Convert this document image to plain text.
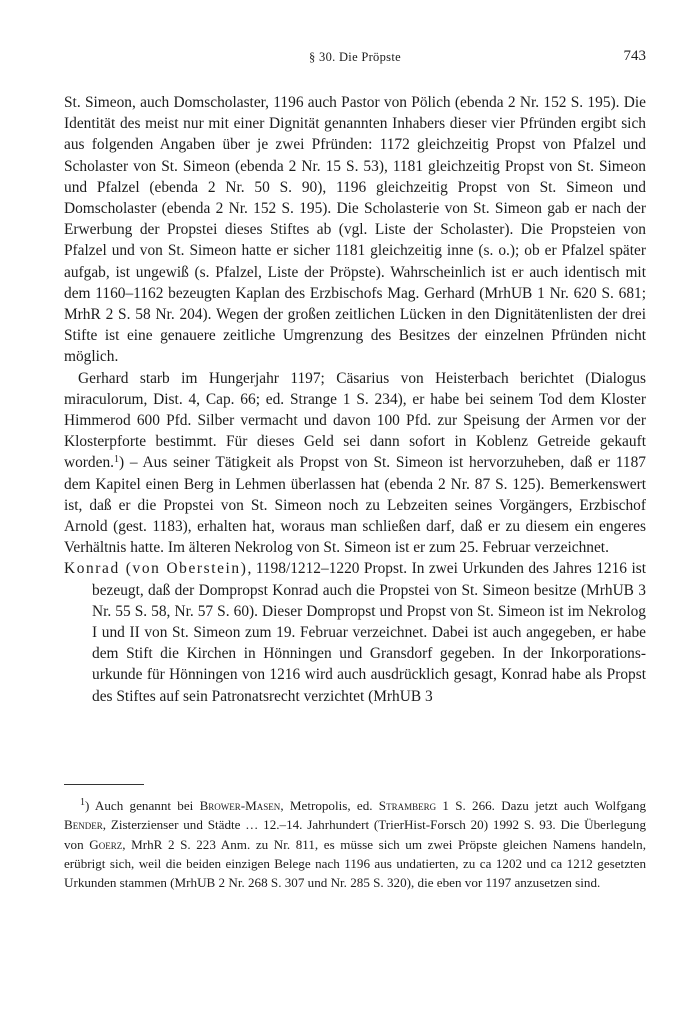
§ 30. Die Pröpste	743

St. Simeon, auch Domscholaster, 1196 auch Pastor von Pölich (ebenda 2 Nr. 152 S. 195). Die Identität des meist nur mit einer Dignität genannten Inhabers dieser vier Pfründen ergibt sich aus folgenden Angaben über je zwei Pfründen: 1172 gleichzeitig Propst von Pfalzel und Scholaster von St. Simeon (ebenda 2 Nr. 15 S. 53), 1181 gleichzeitig Propst von St. Simeon und Pfalzel (ebenda 2 Nr. 50 S. 90), 1196 gleichzeitig Propst von St. Simeon und Domscholaster (ebenda 2 Nr. 152 S. 195). Die Scholasterie von St. Simeon gab er nach der Erwerbung der Propstei dieses Stiftes ab (vgl. Liste der Scholaster). Die Propsteien von Pfalzel und von St. Simeon hatte er sicher 1181 gleichzeitig inne (s. o.); ob er Pfalzel später aufgab, ist ungewiß (s. Pfalzel, Liste der Pröpste). Wahrscheinlich ist er auch identisch mit dem 1160–1162 bezeugten Kaplan des Erzbischofs Mag. Gerhard (MrhUB 1 Nr. 620 S. 681; MrhR 2 S. 58 Nr. 204). Wegen der großen zeitlichen Lücken in den Dignitätenlisten der drei Stifte ist eine genauere zeitliche Umgrenzung des Besitzes der einzelnen Pfründen nicht möglich.

Gerhard starb im Hungerjahr 1197; Cäsarius von Heisterbach berichtet (Dialogus miraculorum, Dist. 4, Cap. 66; ed. Strange 1 S. 234), er habe bei seinem Tod dem Kloster Himmerod 600 Pfd. Silber vermacht und davon 100 Pfd. zur Speisung der Armen vor der Klosterpforte bestimmt. Für dieses Geld sei dann sofort in Koblenz Getreide gekauft worden.$^1$) – Aus seiner Tätigkeit als Propst von St. Simeon ist hervorzuheben, daß er 1187 dem Kapitel einen Berg in Lehmen überlassen hat (ebenda 2 Nr. 87 S. 125). Bemerkenswert ist, daß er die Propstei von St. Simeon noch zu Lebzeiten seines Vorgängers, Erzbischof Arnold (gest. 1183), erhalten hat, woraus man schließen darf, daß er zu diesem ein engeres Verhältnis hatte. Im älteren Nekrolog von St. Simeon ist er zum 25. Februar verzeichnet.

Konrad (von Oberstein), 1198/1212–1220 Propst. In zwei Urkunden des Jahres 1216 ist bezeugt, daß der Dompropst Konrad auch die Propstei von St. Simeon besitze (MrhUB 3 Nr. 55 S. 58, Nr. 57 S. 60). Dieser Dompropst und Propst von St. Simeon ist im Nekrolog I und II von St. Simeon zum 19. Februar verzeichnet. Dabei ist auch angegeben, er habe dem Stift die Kirchen in Hönningen und Gransdorf gegeben. In der Inkorporationsurkunde für Hönningen von 1216 wird auch ausdrücklich gesagt, Konrad habe als Propst des Stiftes auf sein Patronatsrecht verzichtet (MrhUB 3

$^1$) Auch genannt bei Brower-Masen, Metropolis, ed. Stramberg 1 S. 266. Dazu jetzt auch Wolfgang Bender, Zisterzienser und Städte … 12.–14. Jahrhundert (TrierHist-Forsch 20) 1992 S. 93. Die Überlegung von Goerz, MrhR 2 S. 223 Anm. zu Nr. 811, es müsse sich um zwei Pröpste gleichen Namens handeln, erübrigt sich, weil die beiden einzigen Belege nach 1196 aus undatierten, zu ca 1202 und ca 1212 gesetzten Urkunden stammen (MrhUB 2 Nr. 268 S. 307 und Nr. 285 S. 320), die eben vor 1197 anzusetzen sind.
